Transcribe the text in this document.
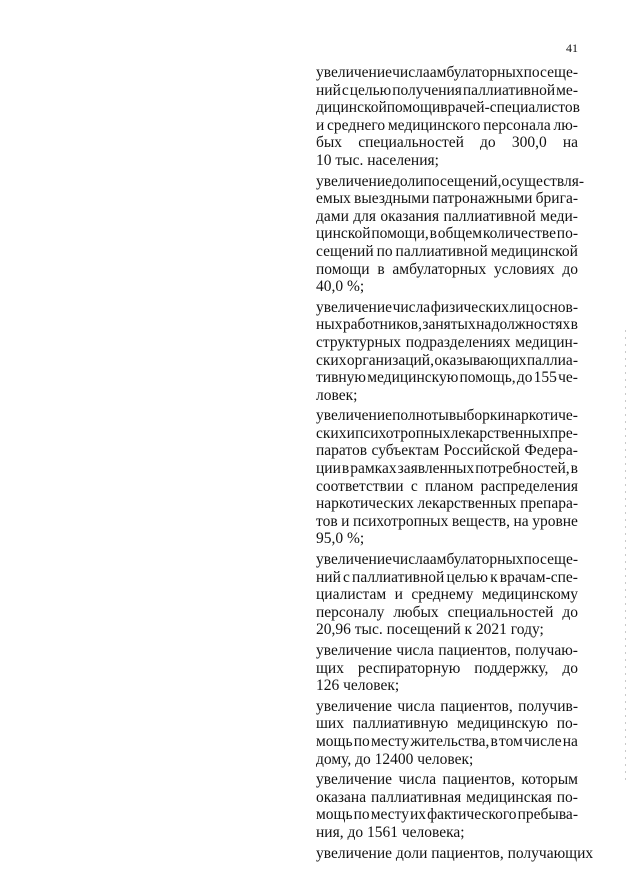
41
увеличение числа амбулаторных посеще-
ний с целью получения паллиативной ме-
дицинской помощи врачей-специалистов
и среднего медицинского персонала лю-
бых специальностей до 300,0 на
10 тыс. населения;
увеличение доли посещений, осуществля-
емых выездными патронажными брига-
дами для оказания паллиативной меди-
цинской помощи, в общем количестве по-
сещений по паллиативной медицинской
помощи в амбулаторных условиях до
40,0 %;
увеличение числа физических лиц основ-
ных работников, занятых на должностях в
структурных подразделениях медицин-
ских организаций, оказывающих паллиа-
тивную медицинскую помощь, до 155 че-
ловек;
увеличение полноты выборки наркотиче-
ских и психотропных лекарственных пре-
паратов субъектам Российской Федера-
ции в рамках заявленных потребностей, в
соответствии с планом распределения
наркотических лекарственных препара-
тов и психотропных веществ, на уровне
95,0 %;
увеличение числа амбулаторных посеще-
ний с паллиативной целью к врачам-спе-
циалистам и среднему медицинскому
персоналу любых специальностей до
20,96 тыс. посещений к 2021 году;
увеличение числа пациентов, получаю-
щих респираторную поддержку, до
126 человек;
увеличение числа пациентов, получив-
ших паллиативную медицинскую по-
мощь по месту жительства, в том числе на
дому, до 12400 человек;
увеличение числа пациентов, которым
оказана паллиативная медицинская по-
мощь по месту их фактического пребыва-
ния, до 1561 человека;
увеличение доли пациентов, получающих
